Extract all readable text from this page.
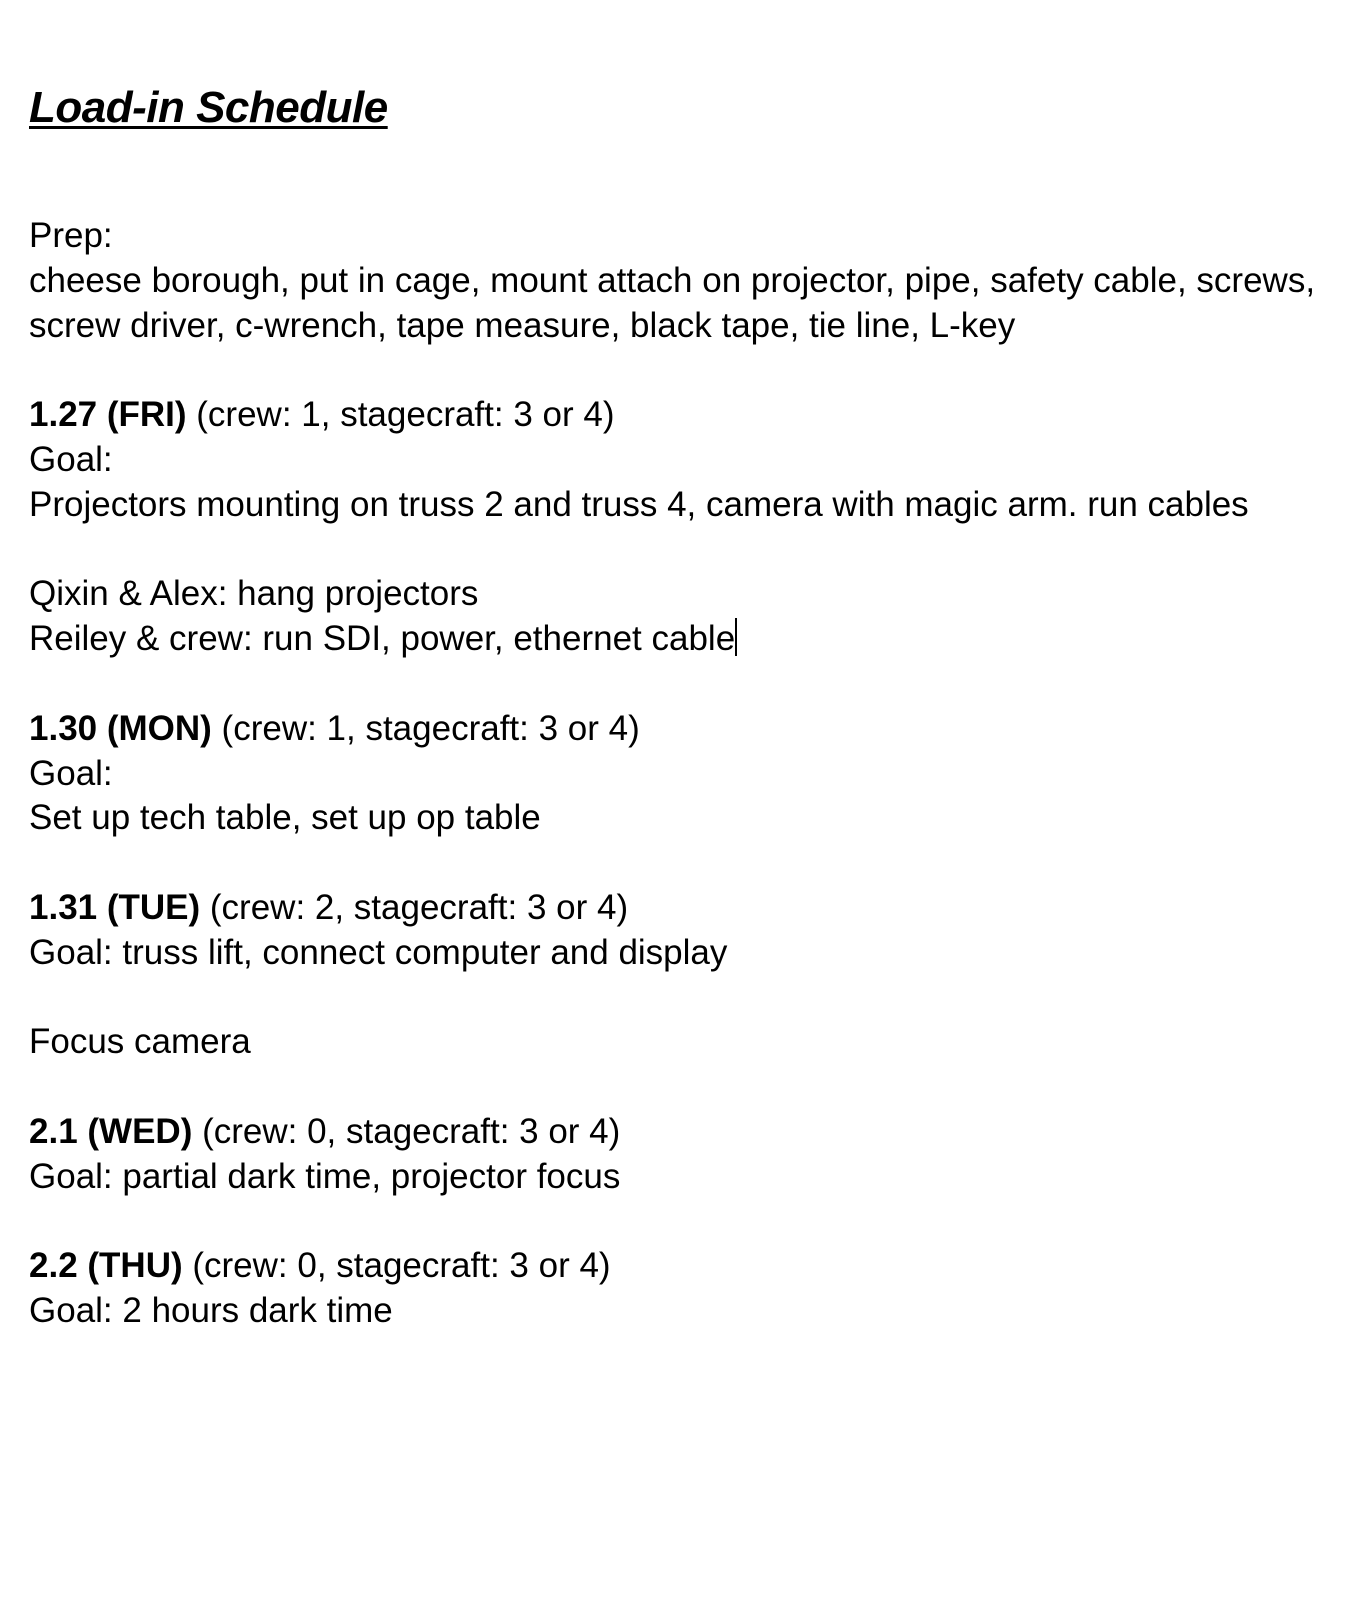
Load-in Schedule
Prep:
cheese borough, put in cage, mount attach on projector, pipe, safety cable, screws, screw driver, c-wrench, tape measure, black tape, tie line, L-key
1.27 (FRI) (crew: 1, stagecraft: 3 or 4)
Goal:
Projectors mounting on truss 2 and truss 4, camera with magic arm. run cables
Qixin & Alex: hang projectors
Reiley & crew: run SDI, power, ethernet cable
1.30 (MON) (crew: 1, stagecraft: 3 or 4)
Goal:
Set up tech table, set up op table
1.31 (TUE) (crew: 2, stagecraft: 3 or 4)
Goal: truss lift, connect computer and display
Focus camera
2.1 (WED) (crew: 0, stagecraft: 3 or 4)
Goal: partial dark time, projector focus
2.2 (THU) (crew: 0, stagecraft: 3 or 4)
Goal: 2 hours dark time
